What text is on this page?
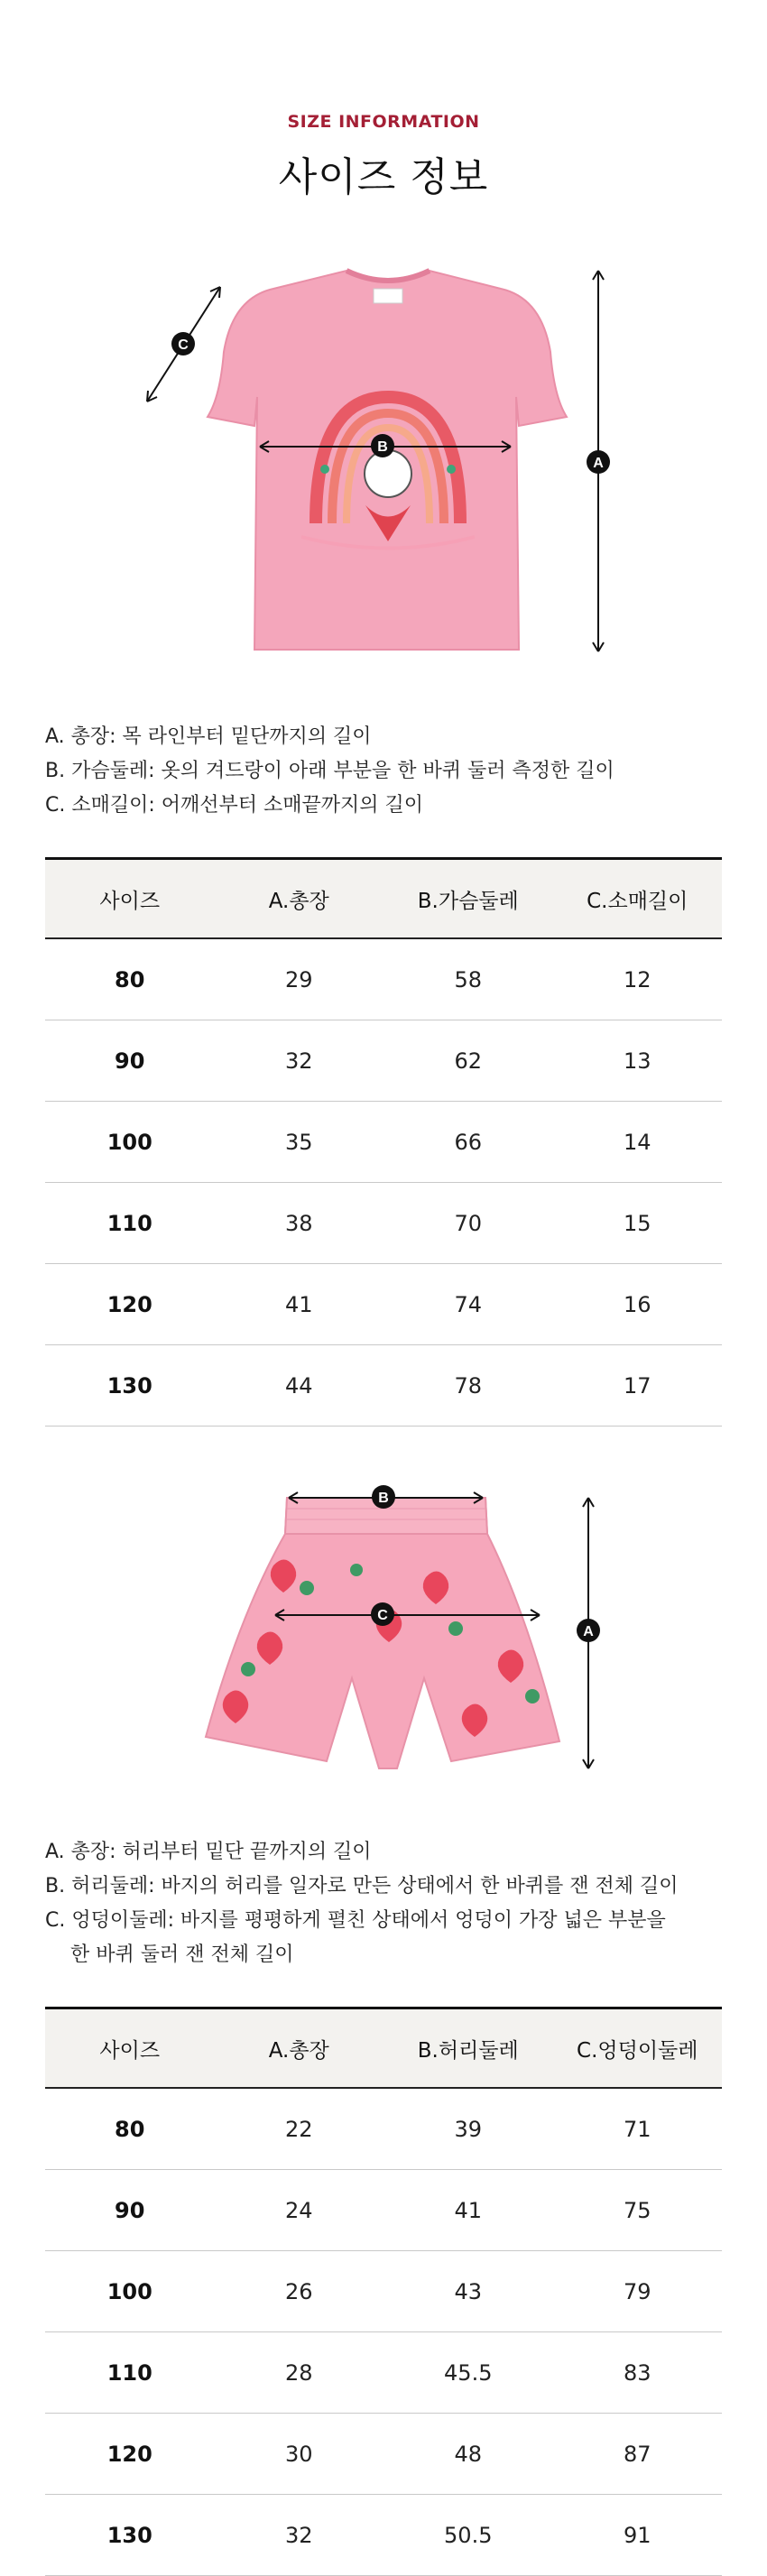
SIZE INFORMATION
사이즈 정보
B
C
A
A. 총장: 목 라인부터 밑단까지의 길이
B. 가슴둘레: 옷의 겨드랑이 아래 부분을 한 바퀴 둘러 측정한 길이
C. 소매길이: 어깨선부터 소매끝까지의 길이
사이즈	A.총장	B.가슴둘레	C.소매길이
80	29	58	12
90	32	62	13
100	35	66	14
110	38	70	15
120	41	74	16
130	44	78	17
B
C
A
A. 총장: 허리부터 밑단 끝까지의 길이
B. 허리둘레: 바지의 허리를 일자로 만든 상태에서 한 바퀴를 잰 전체 길이
C. 엉덩이둘레: 바지를 평평하게 펼친 상태에서 엉덩이 가장 넓은 부분을
한 바퀴 둘러 잰 전체 길이
사이즈	A.총장	B.허리둘레	C.엉덩이둘레
80	22	39	71
90	24	41	75
100	26	43	79
110	28	45.5	83
120	30	48	87
130	32	50.5	91
